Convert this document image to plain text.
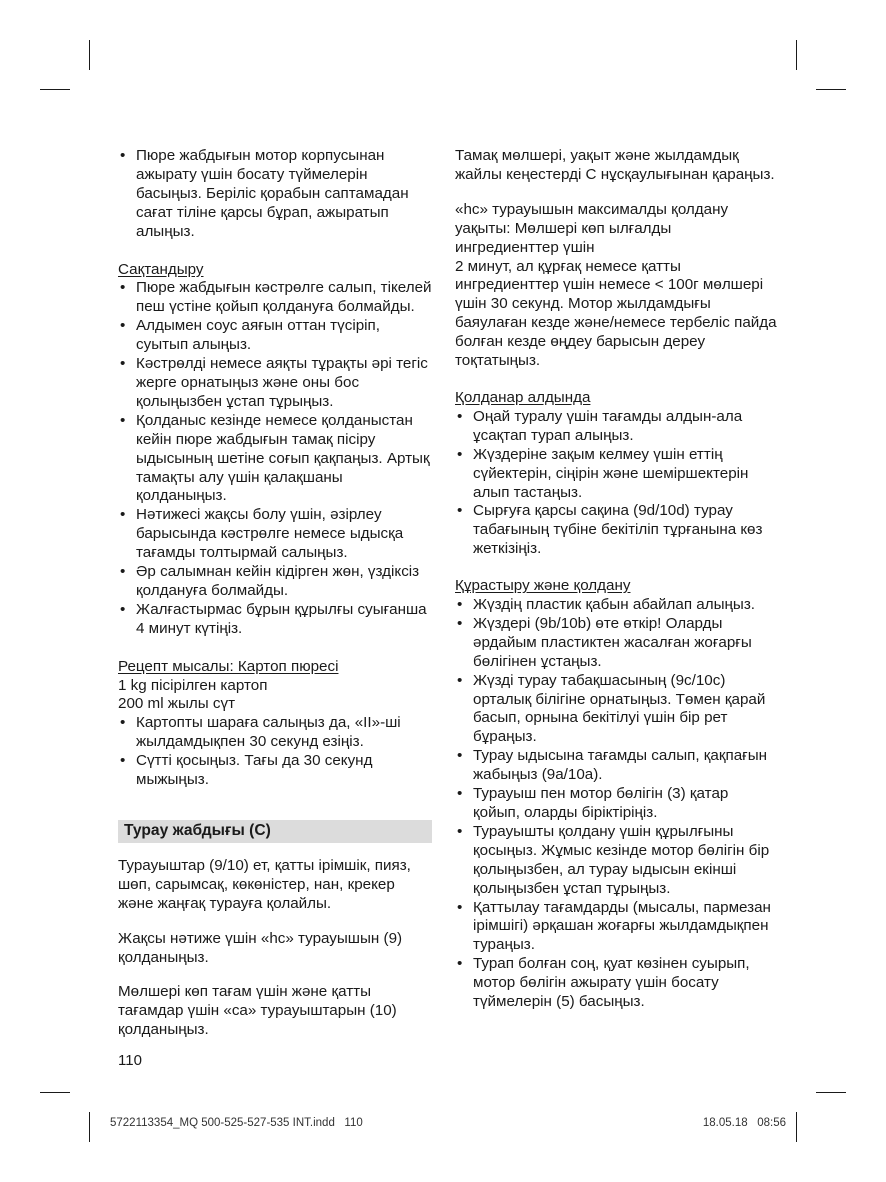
• Пюре жабдығын мотор корпусынан ажырату үшін босату түймелерін басыңыз. Беріліс қорабын саптамадан сағат тіліне қарсы бұрап, ажыратып алыңыз.

Сақтандыру

• Пюре жабдығын кәстрөлге салып, тікелей пеш үстіне қойып қолдануға болмайды.
• Алдымен соус аяғын оттан түсіріп, суытып алыңыз.
• Кәстрөлді немесе аяқты тұрақты әрі тегіс жерге орнатыңыз және оны бос қолыңызбен ұстап тұрыңыз.
• Қолданыс кезінде немесе қолданыстан кейін пюре жабдығын тамақ пісіру ыдысының шетіне соғып қақпаңыз. Артық тамақты алу үшін қалақшаны қолданыңыз.
• Нәтижесі жақсы болу үшін, әзірлеу барысында кәстрөлге немесе ыдысқа тағамды толтырмай салыңыз.
• Әр салымнан кейін кідірген жөн, үздіксіз қолдануға болмайды.
• Жалғастырмас бұрын құрылғы суығанша 4 минут күтіңіз.

Рецепт мысалы: Картоп пюресі

1 kg пісірілген картоп

200 ml жылы сүт

• Картопты шараға салыңыз да, «II»-ші жылдамдықпен 30 секунд езіңіз.
• Сүтті қосыңыз. Тағы да 30 секунд мыжыңыз.
Турау жабдығы (C)

Турауыштар (9/10) ет, қатты ірімшік, пияз, шөп, сарымсақ, көкөністер, нан, крекер және жаңғақ турауға қолайлы.

Жақсы нәтиже үшін «hc» турауышын (9) қолданыңыз.

Мөлшері көп тағам үшін және қатты тағамдар үшін «ca» турауыштарын (10) қолданыңыз.

110

Тамақ мөлшері, уақыт және жылдамдық жайлы кеңестерді C нұсқаулығынан қараңыз.

«hc» турауышын максималды қолдану уақыты: Мөлшері көп ылғалды ингредиенттер үшін
2 минут, ал құрғақ немесе қатты ингредиенттер үшін немесе < 100г мөлшері үшін 30 секунд. Мотор жылдамдығы баяулаған кезде және/немесе тербеліс пайда болған кезде өңдеу барысын дереу тоқтатыңыз.

Қолданар алдында

• Оңай туралу үшін тағамды алдын-ала ұсақтап турап алыңыз.
• Жүздеріне зақым келмеу үшін еттің сүйектерін, сіңірін және шеміршектерін алып тастаңыз.
• Сырғуға қарсы сақина (9d/10d) турау табағының түбіне бекітіліп тұрғанына көз жеткізіңіз.

Құрастыру және қолдану

• Жүздің пластик қабын абайлап алыңыз.
• Жүздері (9b/10b) өте өткір! Оларды әрдайым пластиктен жасалған жоғарғы бөлігінен ұстаңыз.
• Жүзді турау табақшасының (9c/10c) орталық білігіне орнатыңыз. Төмен қарай басып, орнына бекітілуі үшін бір рет бұраңыз.
• Турау ыдысына тағамды салып, қақпағын жабыңыз (9a/10a).
• Турауыш пен мотор бөлігін (3) қатар қойып, оларды біріктіріңіз.
• Турауышты қолдану үшін құрылғыны қосыңыз. Жұмыс кезінде мотор бөлігін бір қолыңызбен, ал турау ыдысын екінші қолыңызбен ұстап тұрыңыз.
• Қаттылау тағамдарды (мысалы, пармезан ірімшігі) әрқашан жоғарғы жылдамдықпен тураңыз.
• Турап болған соң, қуат көзінен суырып, мотор бөлігін ажырату үшін босату түймелерін (5) басыңыз.
5722113354_MQ 500-525-527-535 INT.indd   110	18.05.18   08:56
